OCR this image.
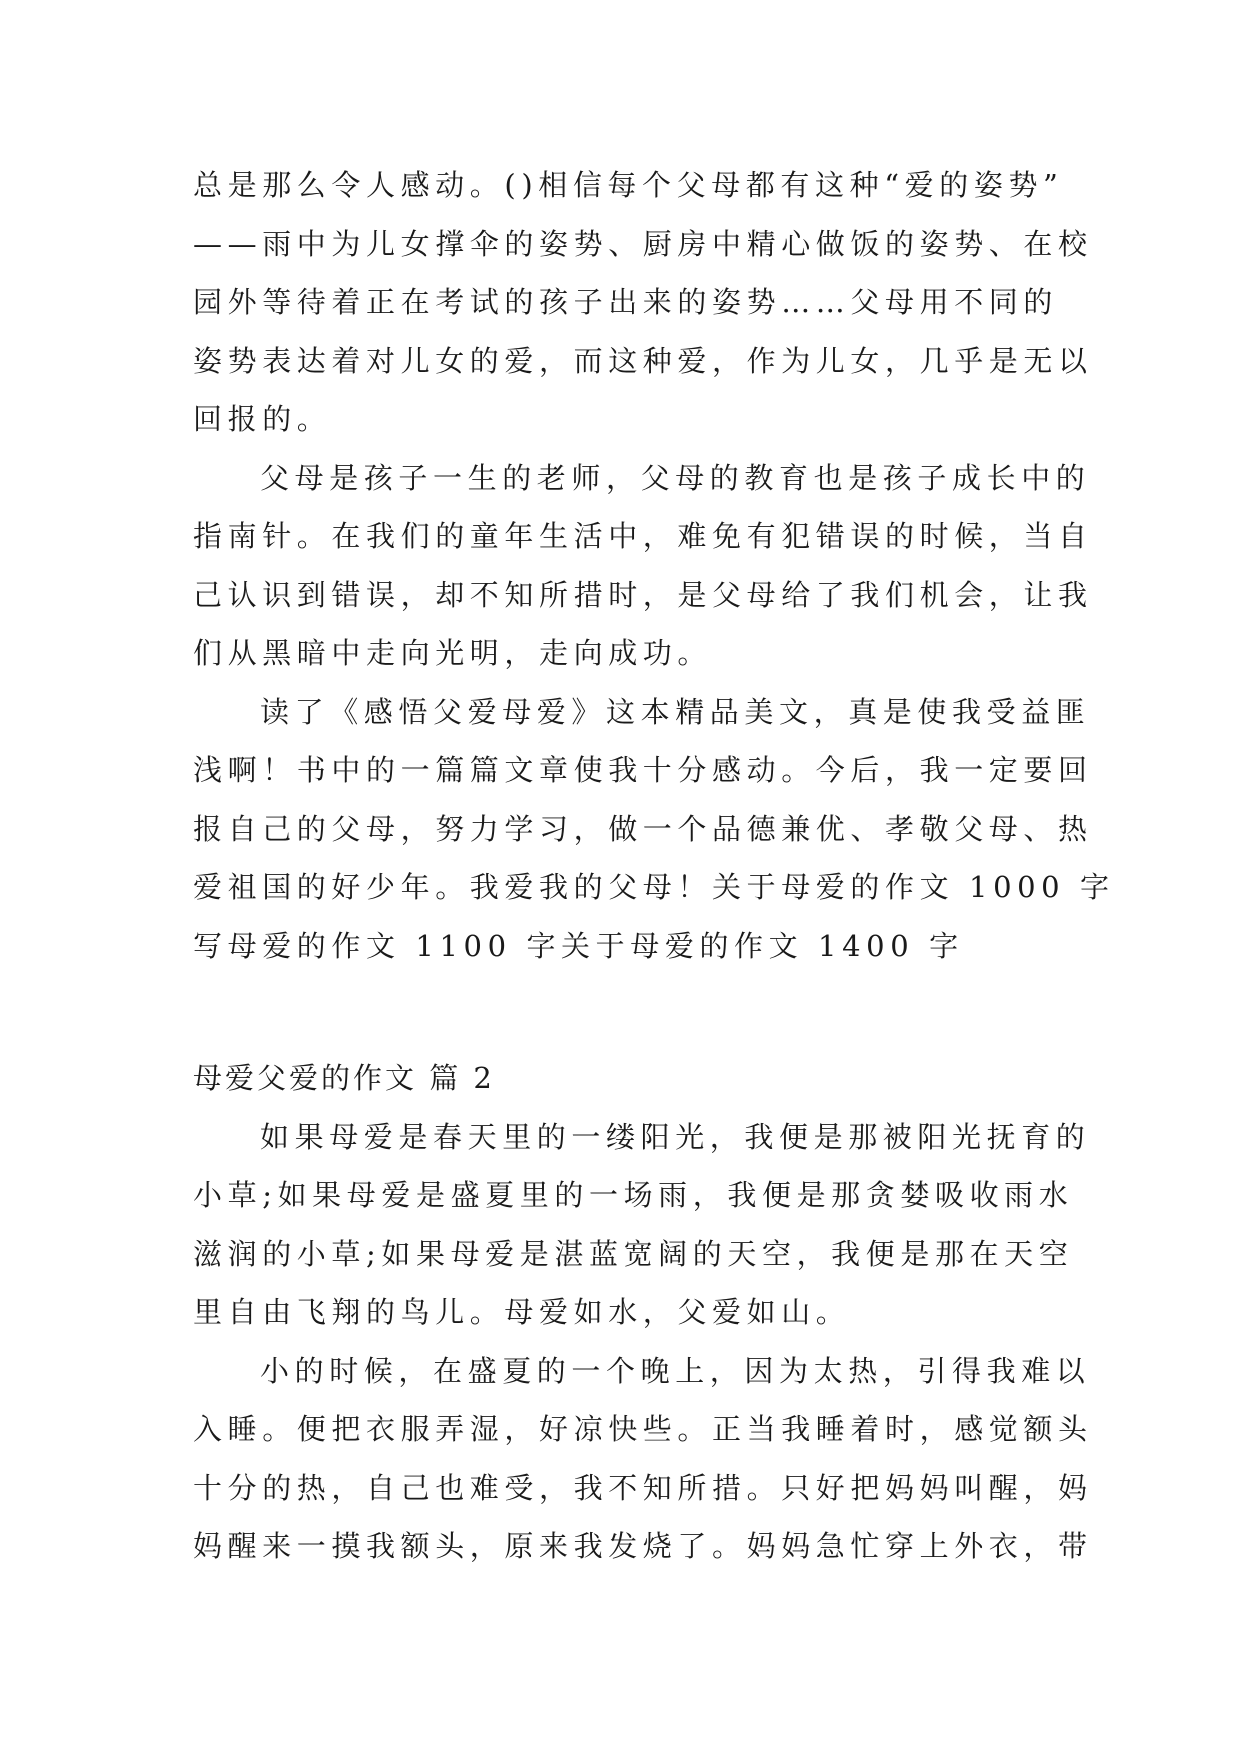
总是那么令人感动。()相信每个父母都有这种“爱的姿势”
——雨中为儿女撑伞的姿势、厨房中精心做饭的姿势、在校
园外等待着正在考试的孩子出来的姿势……父母用不同的
姿势表达着对儿女的爱，而这种爱，作为儿女，几乎是无以
回报的。
父母是孩子一生的老师，父母的教育也是孩子成长中的
指南针。在我们的童年生活中，难免有犯错误的时候，当自
己认识到错误，却不知所措时，是父母给了我们机会，让我
们从黑暗中走向光明，走向成功。
读了《感悟父爱母爱》这本精品美文，真是使我受益匪
浅啊！书中的一篇篇文章使我十分感动。今后，我一定要回
报自己的父母，努力学习，做一个品德兼优、孝敬父母、热
爱祖国的好少年。我爱我的父母！关于母爱的作文 1000 字
写母爱的作文 1100 字关于母爱的作文 1400 字
母爱父爱的作文 篇 2
如果母爱是春天里的一缕阳光，我便是那被阳光抚育的
小草;如果母爱是盛夏里的一场雨，我便是那贪婪吸收雨水
滋润的小草;如果母爱是湛蓝宽阔的天空，我便是那在天空
里自由飞翔的鸟儿。母爱如水，父爱如山。
小的时候，在盛夏的一个晚上，因为太热，引得我难以
入睡。便把衣服弄湿，好凉快些。正当我睡着时，感觉额头
十分的热，自己也难受，我不知所措。只好把妈妈叫醒，妈
妈醒来一摸我额头，原来我发烧了。妈妈急忙穿上外衣，带
